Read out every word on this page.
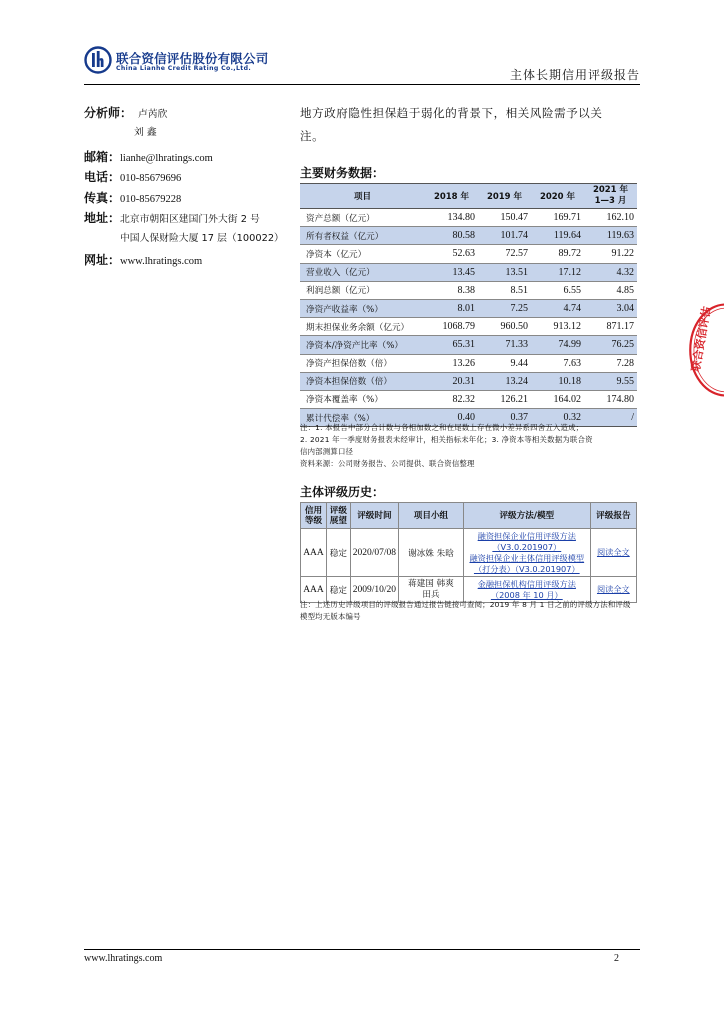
联合资信评估股份有限公司
China Lianhe Credit Rating Co.,Ltd.	主体长期信用评级报告
分析师： 卢芮欣
刘 鑫
邮箱：lianhe@lhratings.com
电话：010-85679696
传真：010-85679228
地址：北京市朝阳区建国门外大街 2 号
中国人保财险大厦 17 层（100022）
网址：www.lhratings.com
地方政府隐性担保趋于弱化的背景下，相关风险需予以关
注。
主要财务数据：
项目	2018 年	2019 年	2020 年	2021 年
1—3 月
资产总额（亿元）	134.80	150.47	169.71	162.10
所有者权益（亿元）	80.58	101.74	119.64	119.63
净资本（亿元）	52.63	72.57	89.72	91.22
营业收入（亿元）	13.45	13.51	17.12	4.32
利润总额（亿元）	8.38	8.51	6.55	4.85
净资产收益率（%）	8.01	7.25	4.74	3.04
期末担保业务余额（亿元）	1068.79	960.50	913.12	871.17
净资本/净资产比率（%）	65.31	71.33	74.99	76.25
净资产担保倍数（倍）	13.26	9.44	7.63	7.28
净资本担保倍数（倍）	20.31	13.24	10.18	9.55
净资本覆盖率（%）	82.32	126.21	164.02	174.80
累计代偿率（%）	0.40	0.37	0.32	/
注：1. 本报告中部分合计数与各相加数之和在尾数上存在微小差异系四舍五入造成；
2. 2021 年一季度财务报表未经审计，相关指标未年化；3. 净资本等相关数据为联合资
信内部测算口径
资料来源：公司财务报告、公司提供、联合资信整理
主体评级历史：
信用等级	评级展望	评级时间	项目小组	评级方法/模型	评级报告
AAA	稳定	2020/07/08	谢冰姝 朱晗	融资担保企业信用评级方法
（V3.0.201907）
融资担保企业主体信用评级模型
（打分表）（V3.0.201907）	阅读全文

AAA	稳定	2009/10/20	蒋建国 韩爽
田兵	金融担保机构信用评级方法
（2008 年 10 月）	阅读全文
注：上述历史评级项目的评级报告通过报告链接可查阅；2019 年 8 月 1 日之前的评级方法和评级
模型均无版本编号
联合资信评估
www.lhratings.com	2
